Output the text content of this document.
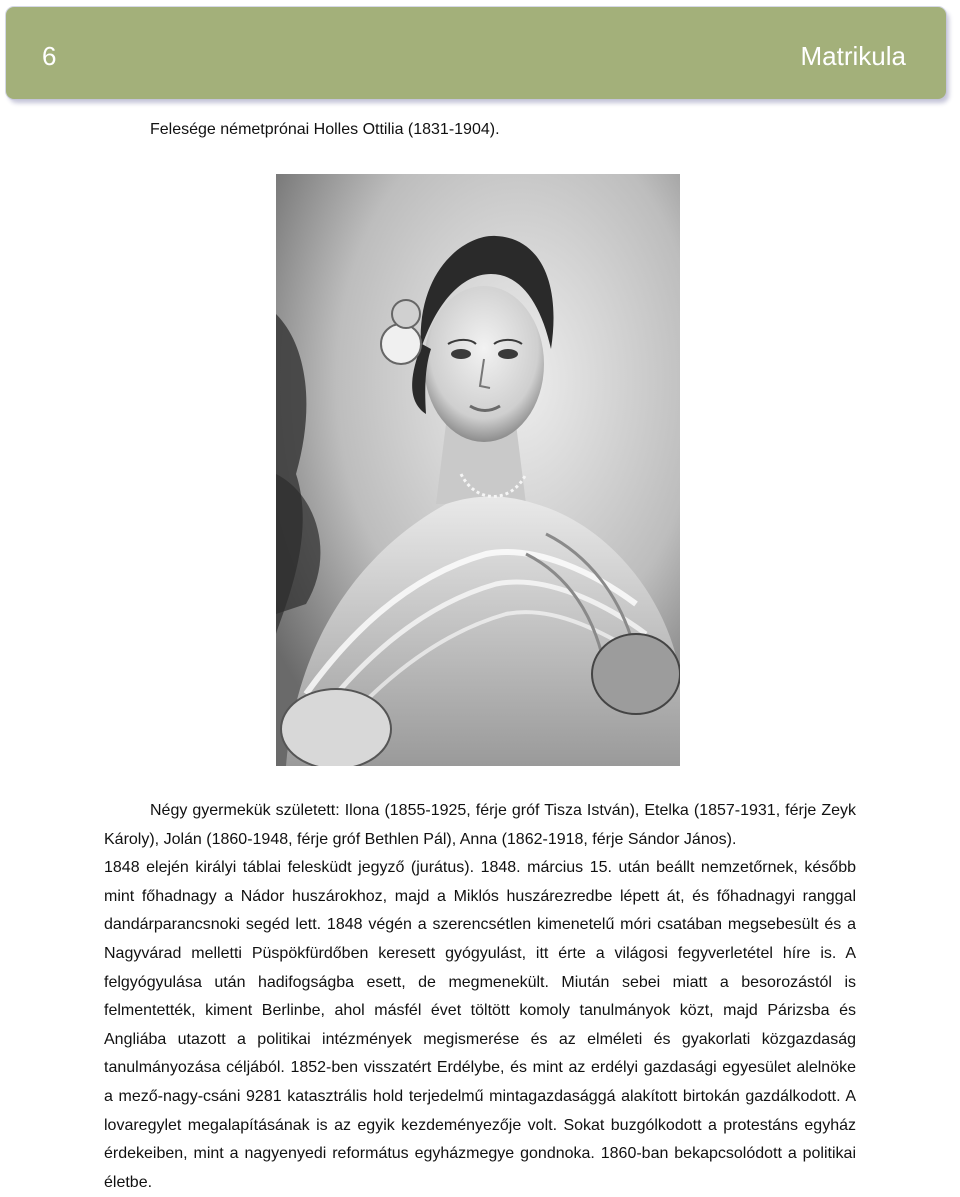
6	Matrikula
Felesége németprónai Holles Ottilia (1831-1904).

Négy gyermekük született: Ilona (1855-1925, férje gróf Tisza István), Etelka (1857-1931, férje Zeyk Károly), Jolán (1860-1948, férje gróf Bethlen Pál), Anna (1862-1918, férje Sándor János).

1848 elején királyi táblai felesküdt jegyző (jurátus). 1848. március 15. után beállt nemzetőrnek, később mint főhadnagy a Nádor huszárokhoz, majd a Miklós huszárezredbe lépett át, és főhadnagyi ranggal dandárparancsnoki segéd lett. 1848 végén a szerencsétlen kimenetelű móri csatában megsebesült és a Nagyvárad melletti Püspökfürdőben keresett gyógyulást, itt érte a világosi fegyverletétel híre is. A felgyógyulása után hadifogságba esett, de megmenekült. Miután sebei miatt a besorozástól is felmentették, kiment Berlinbe, ahol másfél évet töltött komoly tanulmányok közt, majd Párizsba és Angliába utazott a politikai intézmények megismerése és az elméleti és gyakorlati közgazdaság tanulmányozása céljából. 1852-ben visszatért Erdélybe, és mint az erdélyi gazdasági egyesület alelnöke a mező-nagy-csáni 9281 katasztrális hold terjedelmű mintagazdasággá alakított birtokán gazdálkodott. A lovaregylet megalapításának is az egyik kezdeményezője volt. Sokat buzgólkodott a protestáns egyház érdekeiben, mint a nagyenyedi református egyházmegye gondnoka. 1860-ban bekapcsolódott a politikai életbe.
